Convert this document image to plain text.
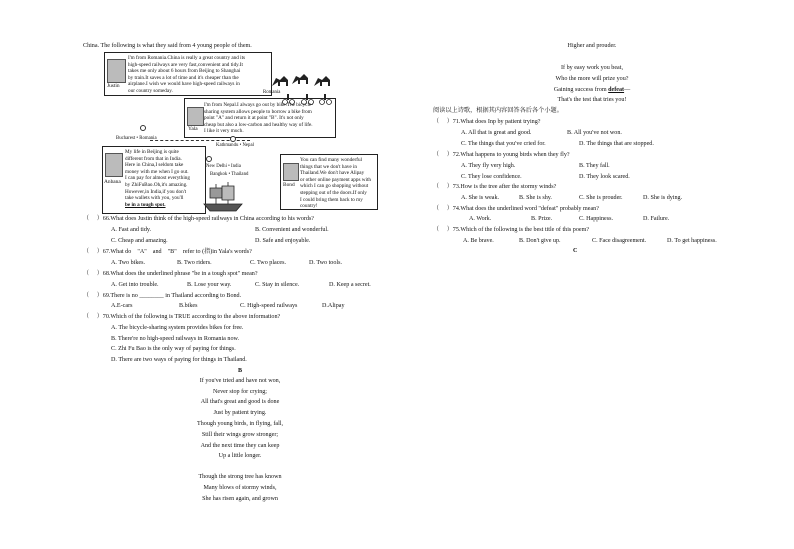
China. The following is what they said from 4 young people of them.
Justin

I'm from Romania.China is really a great country and its

high-speed railways are very fast,convenient and tidy.It

takes me only about 6 hours from Beijing to Shanghai

by train.It saves a lot of time and it's cheaper than the

airplane.I wish we would have high-speed railways in

our country someday.	Romania
Yala

I'm from Nepal.I always go out by bike.The bicycle-

sharing system allows people to borrow a bike from

point "A" and return it at point "B". It's not only

cheap but also a low-carbon and healthy way of life.

I like it very much.

Bucharest • Romania
Kathmandu • Nepal
Anbana

My life in Beijing is quite

different from that in India.

Here in China,I seldom take

money with me when I go out.

I can pay for almost everything

by ZhiFuBao.Oh,it's amazing.

However,in India,if you don't

take wallets with you, you'll

be in a tough spot.

New Delhi • India
Bangkok • Thailand
Bond

You can find many wonderful

things that we don't have in

Thailand.We don't have Alipay

or other online payment apps with

which I can go shopping without

stepping out of the doors.If only

I could bring them back to my

country!

（　 ）66.What does Justin think of the high-speed railways in China according to his words?
A. Fast and tidy.	B. Convenient and wonderful.
C. Cheap and amazing.	D. Safe and enjoyable.
（　 ）67.What do　"A"　and　"B"　refer to (指)in Yala's words?
A. Two bikes.	B. Two riders.	C. Two places.	D. Two tools.
（　 ）68.What does the underlined phrase "be in a tough spot" mean?
A. Get into trouble.	B. Lose your way.	C. Stay in silence.	D. Keep a secret.
（　 ）69.There is no ________ in Thailand according to Bond.
A.E-cars	B.bikes	C. High-speed railways	D.Alipay
（　 ）70.Which of the following is TRUE according to the above information?
A. The bicycle-sharing system provides bikes for free.
B. There're no high-speed railways in Romania now.
C. Zhi Fu Bao is the only way of paying for things.
D. There are two ways of paying for things in Thailand.
B
If you've tried and have not won,
Never stop for crying;
All that's great and good is done
Just by patient trying.
Though young birds, in flying, fall,
Still their wings grow stronger;
And the next time they can keep
Up a little longer.
Though the strong tree has known
Many blows of stormy winds,
She has risen again, and grown
Higher and prouder.
If by easy work you beat,
Who the more will prize you?
Gaining success from defeat—
That's the test that tries you!
阅读以上诗歌，根据其内容回答各后各个小题。
（　 ）71.What does Inp by patient trying?
A. All that is great and good.	B. All you've not won.
C. The things that you've cried for.	D. The things that are stopped.
（　 ）72.What happens to young birds when they fly?
A. They fly very high.	B. They fall.
C. They lose confidence.	D. They look scared.
（　 ）73.How is the tree after the stormy winds?
A. She is weak.	B. She is shy.	C. She is prouder.	D. She is dying.
（　 ）74.What does the underlined word "defeat" probably mean?
A. Work.	B. Prize.	C. Happiness.	D. Failure.
（　 ）75.Which of the following is the best title of this poem?
A. Be brave.	B. Don't give up.	C. Face disagreement.	D. To get happiness.
C
